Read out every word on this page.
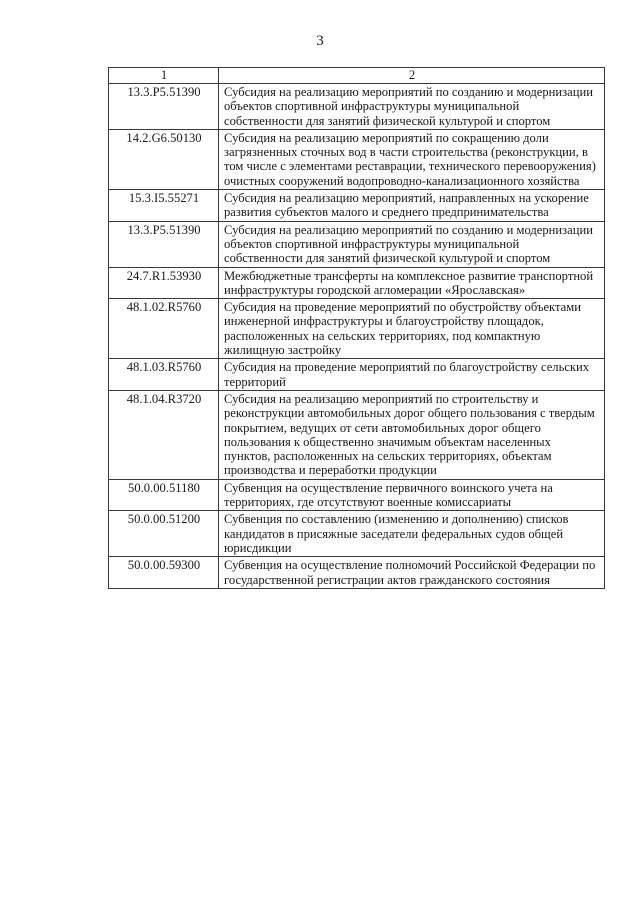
3
1	2
13.3.P5.51390	Субсидия на реализацию мероприятий по созданию и модернизации объектов спортивной инфраструктуры муниципальной собственности для занятий физической культурой и спортом
14.2.G6.50130	Субсидия на реализацию мероприятий по сокращению доли загрязненных сточных вод в части строительства (реконструкции, в том числе с элементами реставрации, технического перевооружения) очистных сооружений водопроводно-канализационного хозяйства
15.3.I5.55271	Субсидия на реализацию мероприятий, направленных на ускорение развития субъектов малого и среднего предпринимательства
13.3.P5.51390	Субсидия на реализацию мероприятий по созданию и модернизации объектов спортивной инфраструктуры муниципальной собственности для занятий физической культурой и спортом
24.7.R1.53930	Межбюджетные трансферты на комплексное развитие транспортной инфраструктуры городской агломерации «Ярославская»
48.1.02.R5760	Субсидия на проведение мероприятий по обустройству объектами инженерной инфраструктуры и благоустройству площадок, расположенных на сельских территориях, под компактную жилищную застройку
48.1.03.R5760	Субсидия на проведение мероприятий по благоустройству сельских территорий
48.1.04.R3720	Субсидия на реализацию мероприятий по строительству и реконструкции автомобильных дорог общего пользования с твердым покрытием, ведущих от сети автомобильных дорог общего пользования к общественно значимым объектам населенных пунктов, расположенных на сельских территориях, объектам производства и переработки продукции
50.0.00.51180	Субвенция на осуществление первичного воинского учета на территориях, где отсутствуют военные комиссариаты
50.0.00.51200	Субвенция по составлению (изменению и дополнению) списков кандидатов в присяжные заседатели федеральных судов общей юрисдикции
50.0.00.59300	Субвенция на осуществление полномочий Российской Федерации по государственной регистрации актов гражданского состояния
